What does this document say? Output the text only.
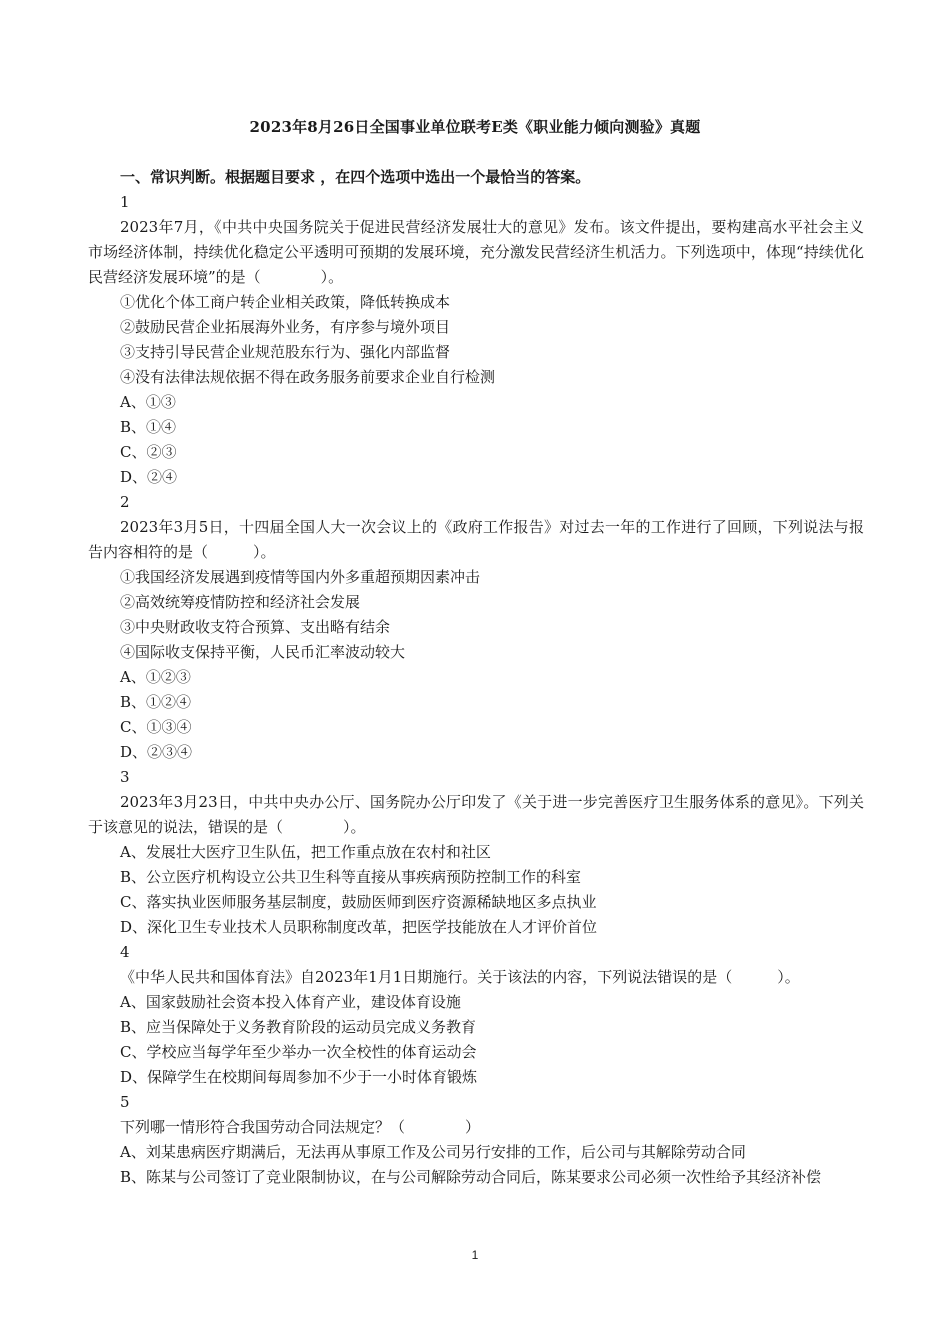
2023年8月26日全国事业单位联考E类《职业能力倾向测验》真题
一、常识判断。根据题目要求 ，在四个选项中选出一个最恰当的答案。
1
2023年7月，《中共中央国务院关于促进民营经济发展壮大的意见》发布。该文件提出，要构建高水平社会主义市场经济体制，持续优化稳定公平透明可预期的发展环境，充分激发民营经济生机活力。下列选项中，体现“持续优化民营经济发展环境”的是（　　　　）。
①优化个体工商户转企业相关政策，降低转换成本
②鼓励民营企业拓展海外业务，有序参与境外项目
③支持引导民营企业规范股东行为、强化内部监督
④没有法律法规依据不得在政务服务前要求企业自行检测
A、①③
B、①④
C、②③
D、②④
2
2023年3月5日，十四届全国人大一次会议上的《政府工作报告》对过去一年的工作进行了回顾，下列说法与报告内容相符的是（　　　）。
①我国经济发展遇到疫情等国内外多重超预期因素冲击
②高效统筹疫情防控和经济社会发展
③中央财政收支符合预算、支出略有结余
④国际收支保持平衡，人民币汇率波动较大
A、①②③
B、①②④
C、①③④
D、②③④
3
2023年3月23日，中共中央办公厅、国务院办公厅印发了《关于进一步完善医疗卫生服务体系的意见》。下列关于该意见的说法，错误的是（　　　　）。
A、发展壮大医疗卫生队伍，把工作重点放在农村和社区
B、公立医疗机构设立公共卫生科等直接从事疾病预防控制工作的科室
C、落实执业医师服务基层制度，鼓励医师到医疗资源稀缺地区多点执业
D、深化卫生专业技术人员职称制度改革，把医学技能放在人才评价首位
4
《中华人民共和国体育法》自2023年1月1日期施行。关于该法的内容，下列说法错误的是（　　　）。
A、国家鼓励社会资本投入体育产业，建设体育设施
B、应当保障处于义务教育阶段的运动员完成义务教育
C、学校应当每学年至少举办一次全校性的体育运动会
D、保障学生在校期间每周参加不少于一小时体育锻炼
5
下列哪一情形符合我国劳动合同法规定？（　　　　）
A、刘某患病医疗期满后，无法再从事原工作及公司另行安排的工作，后公司与其解除劳动合同
B、陈某与公司签订了竞业限制协议，在与公司解除劳动合同后，陈某要求公司必须一次性给予其经济补偿
1
